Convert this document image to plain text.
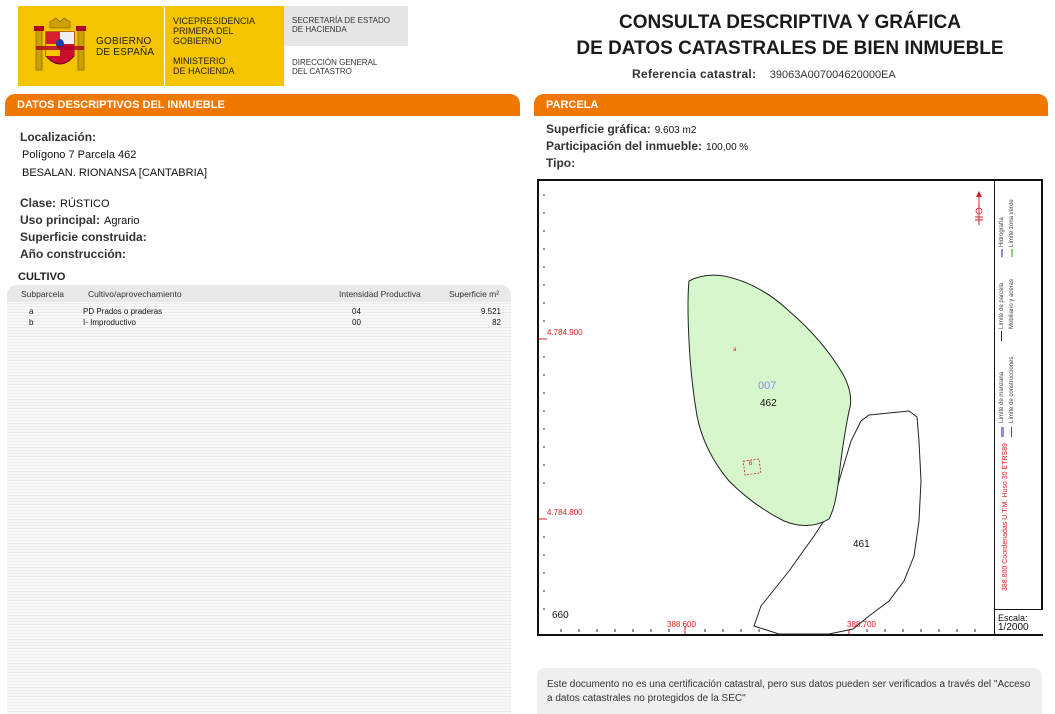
GOBIERNO
DE ESPAÑA
VICEPRESIDENCIA
PRIMERA DEL GOBIERNO
MINISTERIO
DE HACIENDA
SECRETARÍA DE ESTADO
DE HACIENDA
DIRECCIÓN GENERAL
DEL CATASTRO
CONSULTA DESCRIPTIVA Y GRÁFICA
DE DATOS CATASTRALES DE BIEN INMUEBLE
Referencia catastral: 39063A007004620000EA
DATOS DESCRIPTIVOS DEL INMUEBLE	PARCELA
Localización:
Polígono 7 Parcela 462
BESALAN. RIONANSA [CANTABRIA]
Clase: RÚSTICO
Uso principal: Agrario
Superficie construida:
Año construcción:
CULTIVO
Subparcela	Cultivo/aprovechamiento	Intensidad Productiva	Superficie m²
a	PD Prados o praderas	04	9.521
b	I- Improductivo	00	82
Superficie gráfica: 9.603 m2
Participación del inmueble: 100,00 %
Tipo:
4.784.900
4.784.800
388.600	388.700
007
462
461
660
a
b	388.800 Coordenadas U.T.M. Huso 30 ETRS89
Hidrografía Límite zona verde
Límite de parcela Mobiliario y aceras
Límite de manzana Límite de construcciones
Escala:
1/2000
Este documento no es una certificación catastral, pero sus datos pueden ser verificados a través del "Acceso a datos catastrales no protegidos de la SEC"
